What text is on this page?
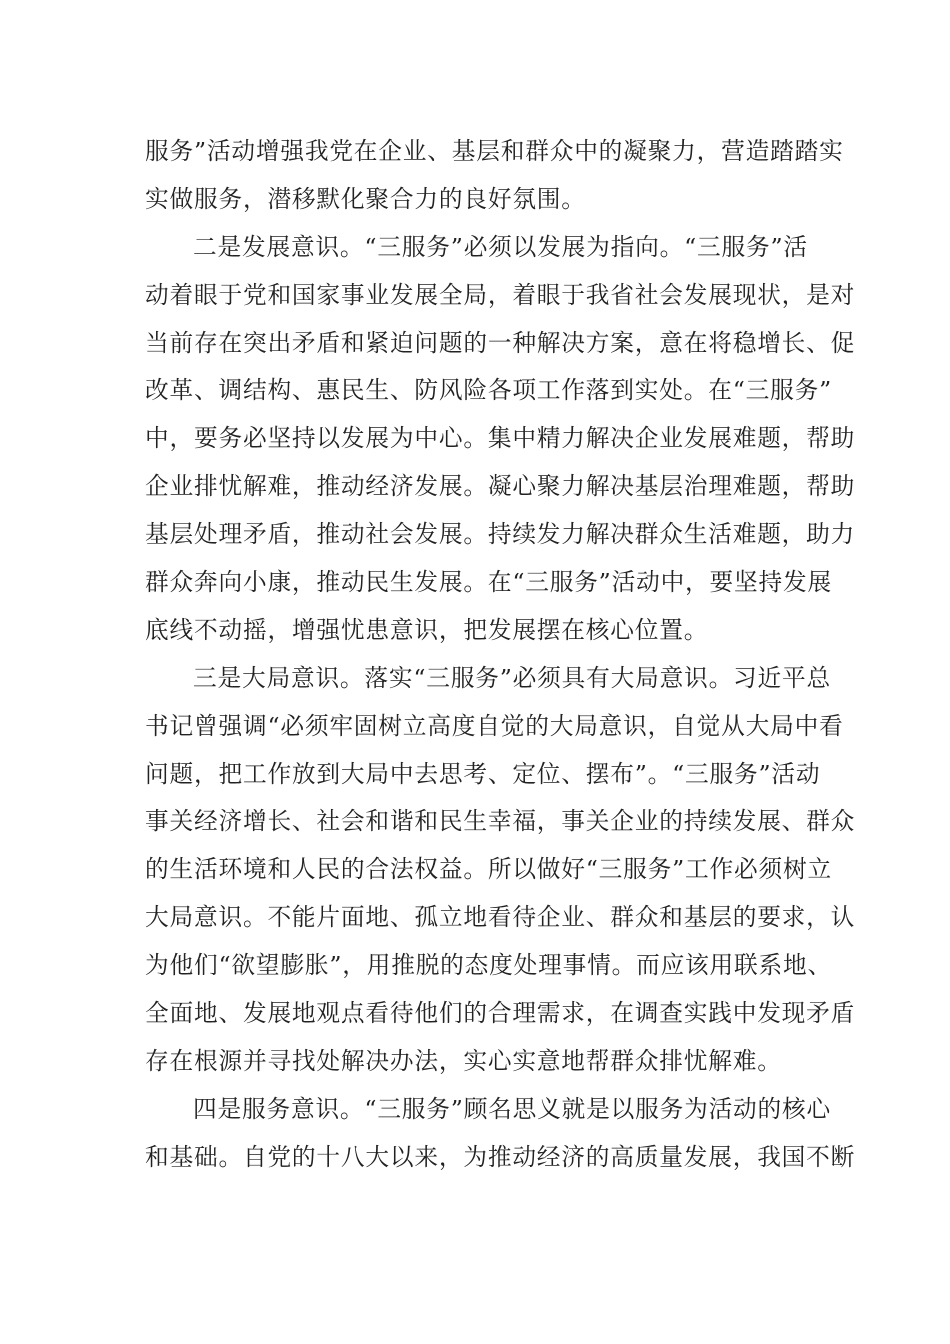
服务”活动增强我党在企业、基层和群众中的凝聚力，营造踏踏实
实做服务，潜移默化聚合力的良好氛围。
二是发展意识。“三服务”必须以发展为指向。“三服务”活
动着眼于党和国家事业发展全局，着眼于我省社会发展现状，是对
当前存在突出矛盾和紧迫问题的一种解决方案，意在将稳增长、促
改革、调结构、惠民生、防风险各项工作落到实处。在“三服务”
中，要务必坚持以发展为中心。集中精力解决企业发展难题，帮助
企业排忧解难，推动经济发展。凝心聚力解决基层治理难题，帮助
基层处理矛盾，推动社会发展。持续发力解决群众生活难题，助力
群众奔向小康，推动民生发展。在“三服务”活动中，要坚持发展
底线不动摇，增强忧患意识，把发展摆在核心位置。
三是大局意识。落实“三服务”必须具有大局意识。习近平总
书记曾强调“必须牢固树立高度自觉的大局意识，自觉从大局中看
问题，把工作放到大局中去思考、定位、摆布”。“三服务”活动
事关经济增长、社会和谐和民生幸福，事关企业的持续发展、群众
的生活环境和人民的合法权益。所以做好“三服务”工作必须树立
大局意识。不能片面地、孤立地看待企业、群众和基层的要求，认
为他们“欲望膨胀”，用推脱的态度处理事情。而应该用联系地、
全面地、发展地观点看待他们的合理需求，在调查实践中发现矛盾
存在根源并寻找处解决办法，实心实意地帮群众排忧解难。
四是服务意识。“三服务”顾名思义就是以服务为活动的核心
和基础。自党的十八大以来，为推动经济的高质量发展，我国不断
